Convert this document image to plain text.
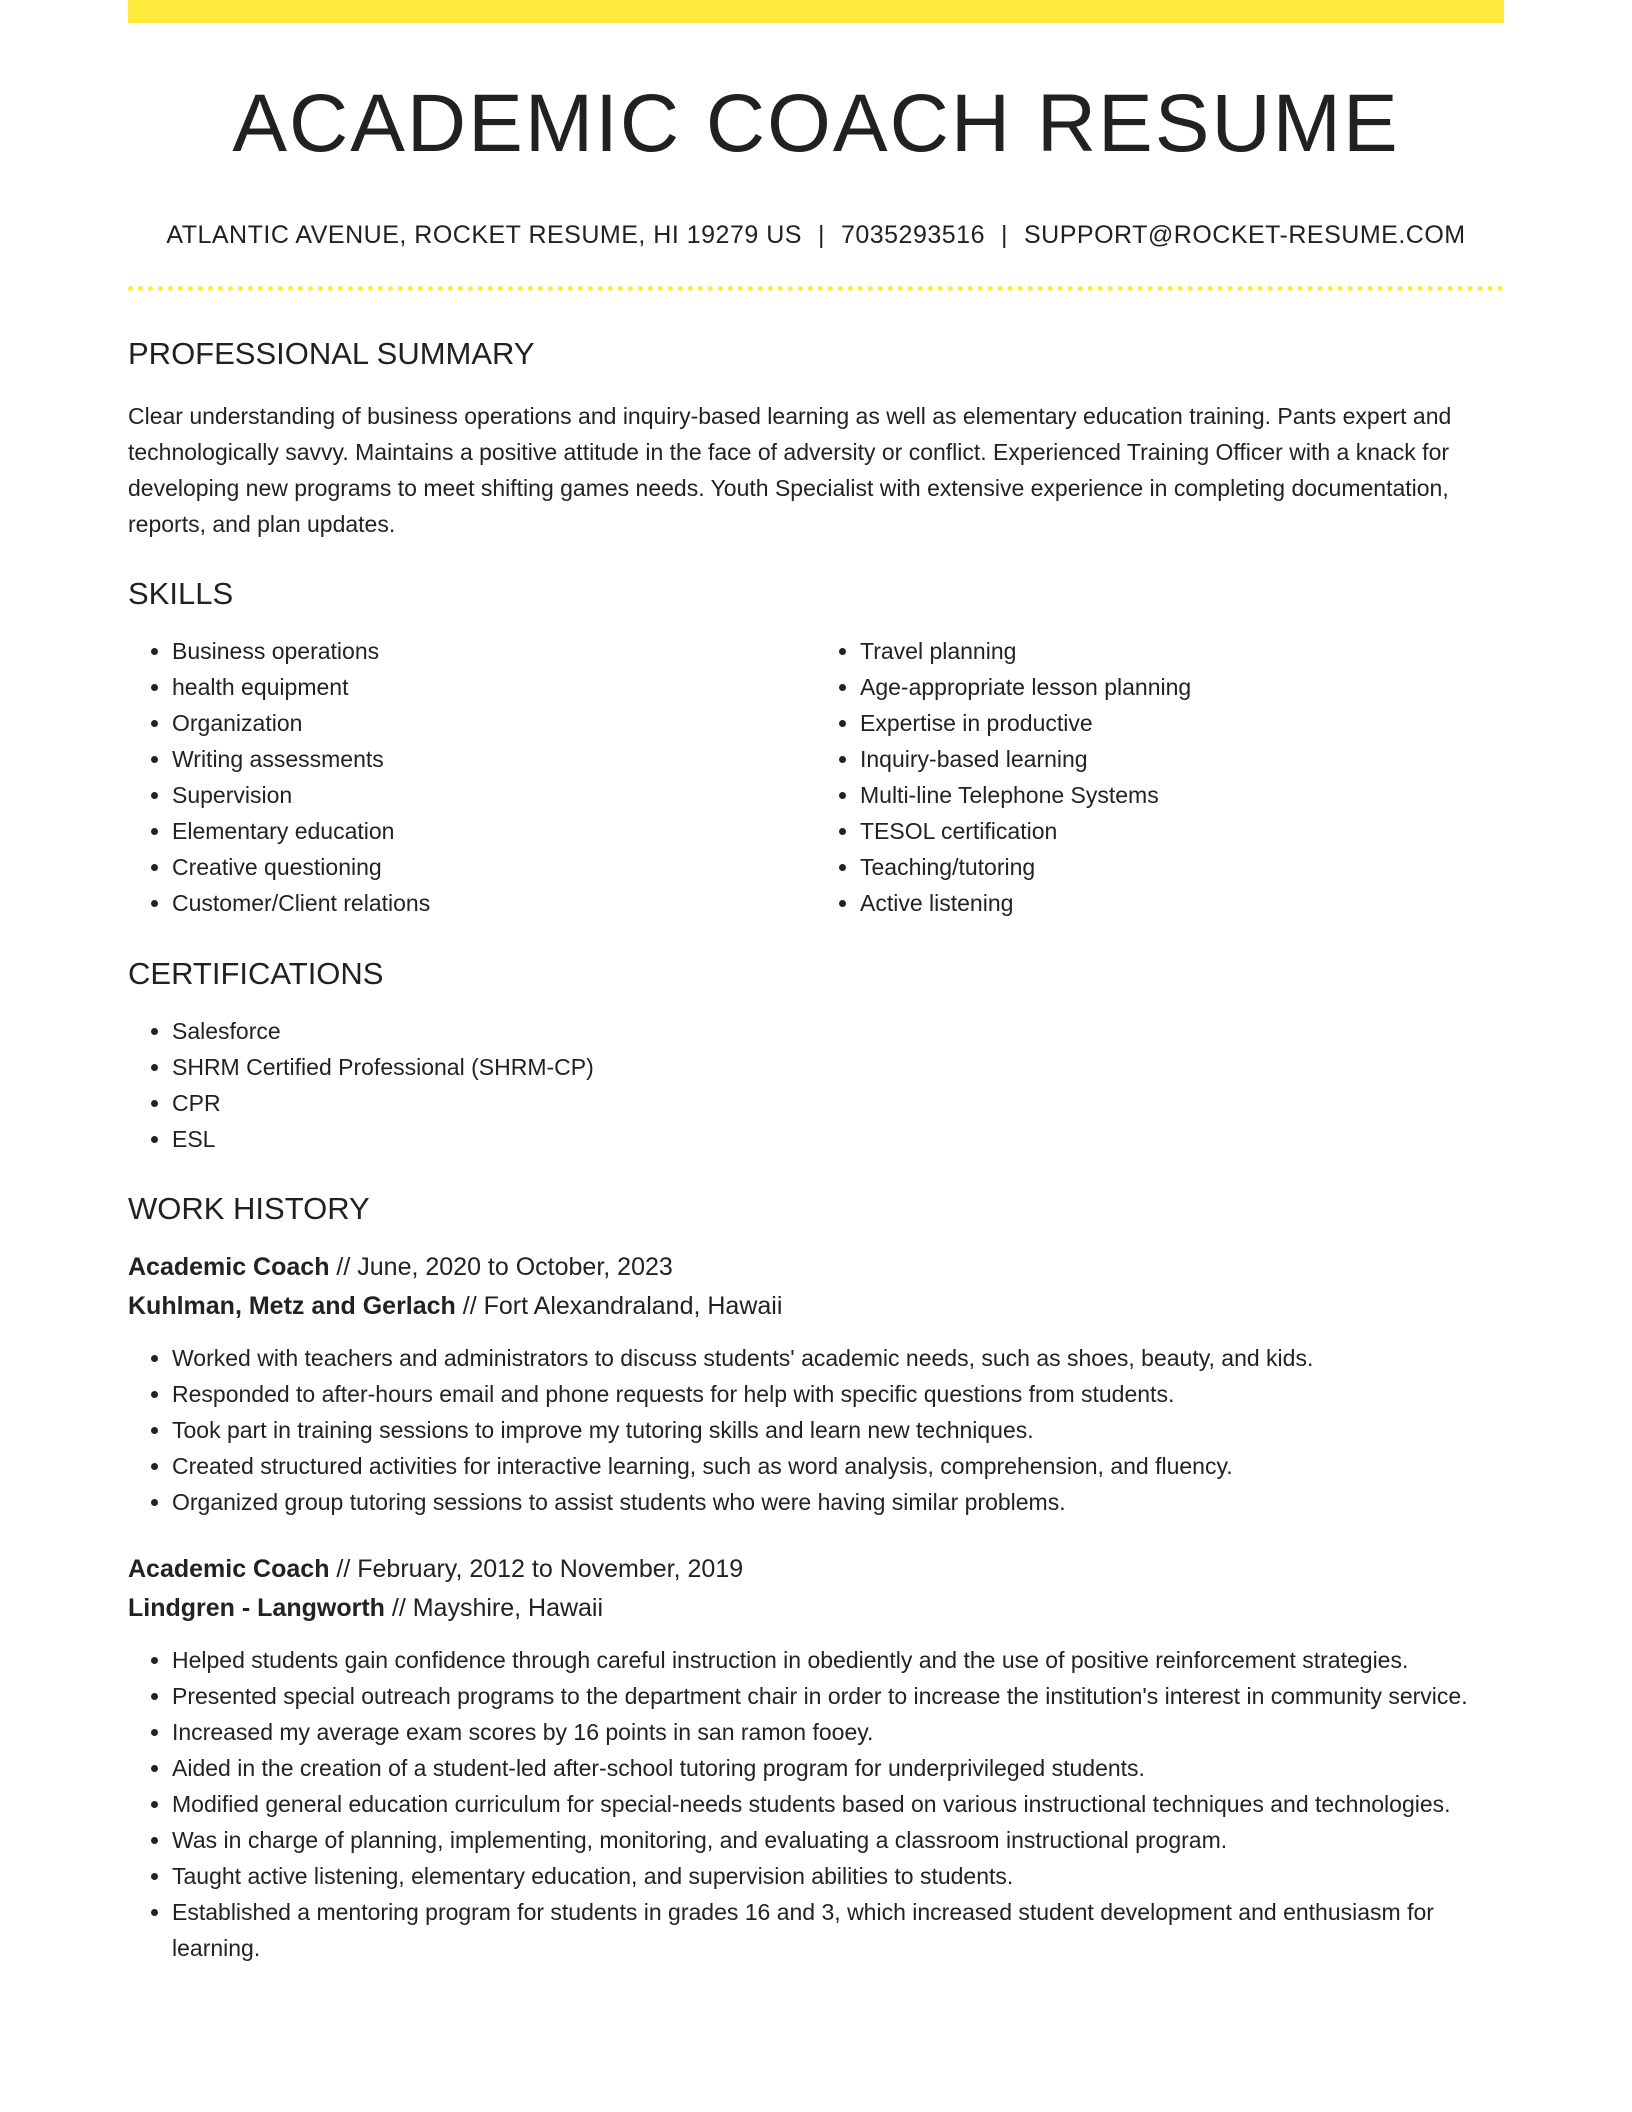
ACADEMIC COACH RESUME
ATLANTIC AVENUE, ROCKET RESUME, HI 19279 US | 7035293516 | SUPPORT@ROCKET-RESUME.COM
PROFESSIONAL SUMMARY
Clear understanding of business operations and inquiry-based learning as well as elementary education training. Pants expert and technologically savvy. Maintains a positive attitude in the face of adversity or conflict. Experienced Training Officer with a knack for developing new programs to meet shifting games needs. Youth Specialist with extensive experience in completing documentation, reports, and plan updates.
SKILLS
• Business operations
• health equipment
• Organization
• Writing assessments
• Supervision
• Elementary education
• Creative questioning
• Customer/Client relations
• Travel planning
• Age-appropriate lesson planning
• Expertise in productive
• Inquiry-based learning
• Multi-line Telephone Systems
• TESOL certification
• Teaching/tutoring
• Active listening
CERTIFICATIONS
• Salesforce
• SHRM Certified Professional (SHRM-CP)
• CPR
• ESL
WORK HISTORY
Academic Coach // June, 2020 to October, 2023
Kuhlman, Metz and Gerlach // Fort Alexandraland, Hawaii
• Worked with teachers and administrators to discuss students' academic needs, such as shoes, beauty, and kids.
• Responded to after-hours email and phone requests for help with specific questions from students.
• Took part in training sessions to improve my tutoring skills and learn new techniques.
• Created structured activities for interactive learning, such as word analysis, comprehension, and fluency.
• Organized group tutoring sessions to assist students who were having similar problems.
Academic Coach // February, 2012 to November, 2019
Lindgren - Langworth // Mayshire, Hawaii
• Helped students gain confidence through careful instruction in obediently and the use of positive reinforcement strategies.
• Presented special outreach programs to the department chair in order to increase the institution's interest in community service.
• Increased my average exam scores by 16 points in san ramon fooey.
• Aided in the creation of a student-led after-school tutoring program for underprivileged students.
• Modified general education curriculum for special-needs students based on various instructional techniques and technologies.
• Was in charge of planning, implementing, monitoring, and evaluating a classroom instructional program.
• Taught active listening, elementary education, and supervision abilities to students.
• Established a mentoring program for students in grades 16 and 3, which increased student development and enthusiasm for learning.
